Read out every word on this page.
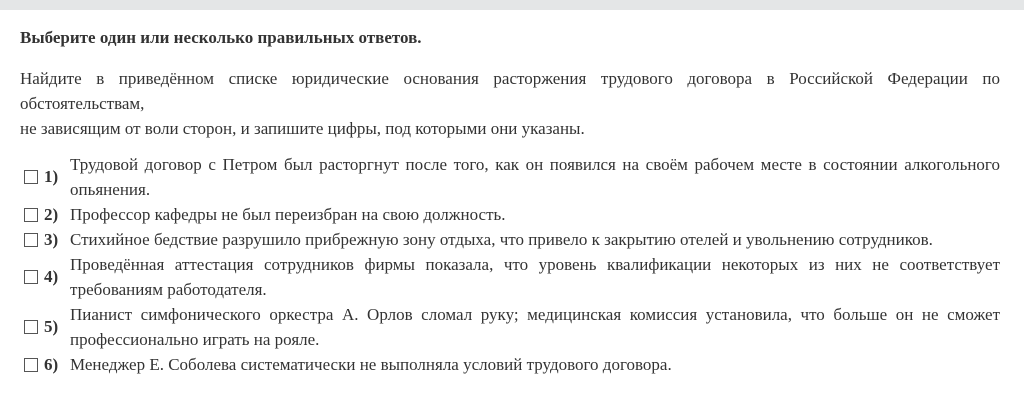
Выберите один или несколько правильных ответов.

Найдите в приведённом списке юридические основания расторжения трудового договора в Российской Федерации по обстоятельствам,

не зависящим от воли сторон, и запишите цифры, под которыми они указаны.

1)
Трудовой договор с Петром был расторгнут после того, как он появился на своём рабочем месте в состоянии алкогольного опьянения.
2) Профессор кафедры не был переизбран на свою должность.
3) Стихийное бедствие разрушило прибрежную зону отдыха, что привело к закрытию отелей и увольнению сотрудников.
4)
Проведённая аттестация сотрудников фирмы показала, что уровень квалификации некоторых из них не соответствует требованиям работодателя.
5)
Пианист симфонического оркестра А. Орлов сломал руку; медицинская комиссия установила, что больше он не сможет профессионально играть на рояле.
6) Менеджер Е. Соболева систематически не выполняла условий трудового договора.
